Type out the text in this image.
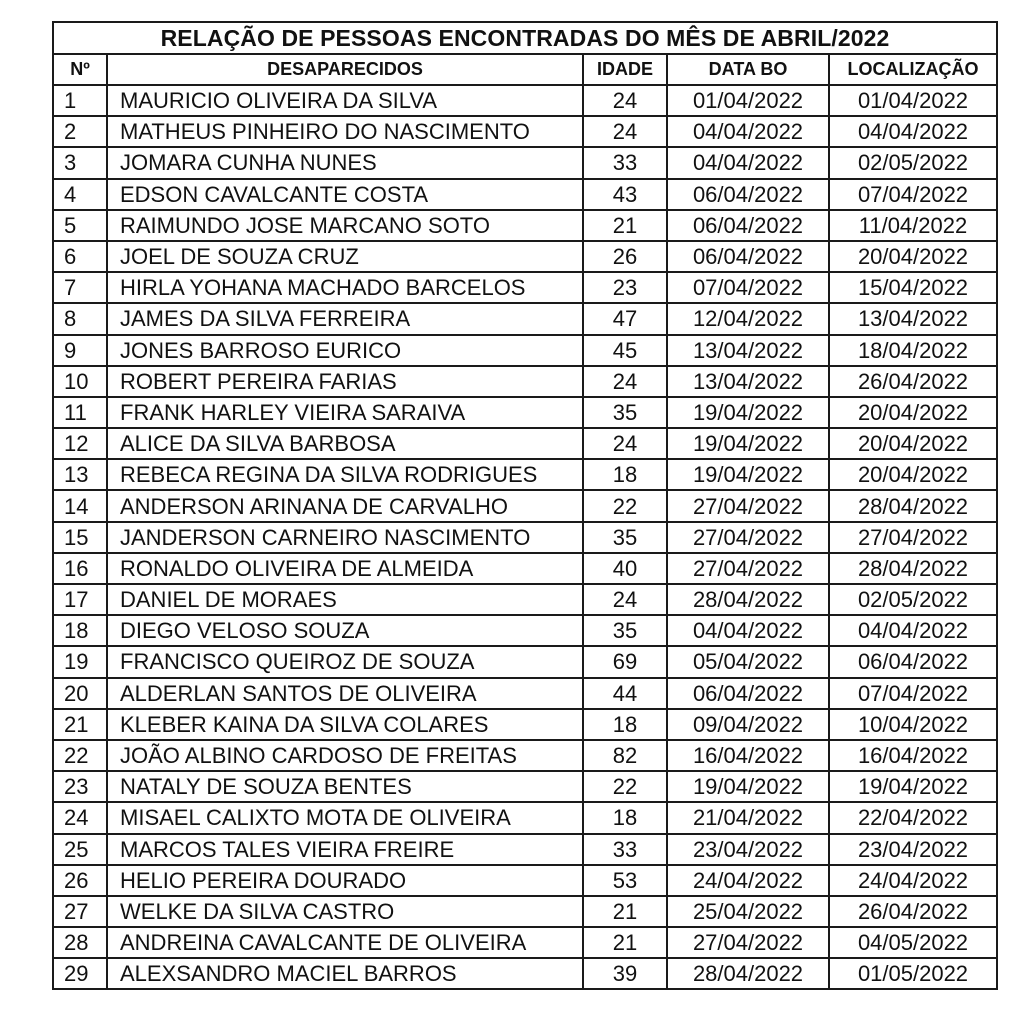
RELAÇÃO DE PESSOAS ENCONTRADAS DO MÊS DE ABRIL/2022				
Nº	DESAPARECIDOS	IDADE	DATA BO	LOCALIZAÇÃO
1	MAURICIO OLIVEIRA DA SILVA	24	01/04/2022	01/04/2022
2	MATHEUS PINHEIRO DO NASCIMENTO	24	04/04/2022	04/04/2022
3	JOMARA CUNHA NUNES	33	04/04/2022	02/05/2022
4	EDSON CAVALCANTE COSTA	43	06/04/2022	07/04/2022
5	RAIMUNDO JOSE MARCANO SOTO	21	06/04/2022	11/04/2022
6	JOEL DE SOUZA CRUZ	26	06/04/2022	20/04/2022
7	HIRLA YOHANA MACHADO BARCELOS	23	07/04/2022	15/04/2022
8	JAMES DA SILVA FERREIRA	47	12/04/2022	13/04/2022
9	JONES BARROSO EURICO	45	13/04/2022	18/04/2022
10	ROBERT PEREIRA FARIAS	24	13/04/2022	26/04/2022
11	FRANK HARLEY VIEIRA SARAIVA	35	19/04/2022	20/04/2022
12	ALICE DA SILVA BARBOSA	24	19/04/2022	20/04/2022
13	REBECA REGINA DA SILVA RODRIGUES	18	19/04/2022	20/04/2022
14	ANDERSON ARINANA DE CARVALHO	22	27/04/2022	28/04/2022
15	JANDERSON CARNEIRO NASCIMENTO	35	27/04/2022	27/04/2022
16	RONALDO OLIVEIRA DE ALMEIDA	40	27/04/2022	28/04/2022
17	DANIEL DE MORAES	24	28/04/2022	02/05/2022
18	DIEGO VELOSO SOUZA	35	04/04/2022	04/04/2022
19	FRANCISCO QUEIROZ DE SOUZA	69	05/04/2022	06/04/2022
20	ALDERLAN SANTOS DE OLIVEIRA	44	06/04/2022	07/04/2022
21	KLEBER KAINA DA SILVA COLARES	18	09/04/2022	10/04/2022
22	JOÃO ALBINO CARDOSO DE FREITAS	82	16/04/2022	16/04/2022
23	NATALY DE SOUZA BENTES	22	19/04/2022	19/04/2022
24	MISAEL CALIXTO MOTA DE OLIVEIRA	18	21/04/2022	22/04/2022
25	MARCOS TALES VIEIRA FREIRE	33	23/04/2022	23/04/2022
26	HELIO PEREIRA DOURADO	53	24/04/2022	24/04/2022
27	WELKE DA SILVA CASTRO	21	25/04/2022	26/04/2022
28	ANDREINA CAVALCANTE DE OLIVEIRA	21	27/04/2022	04/05/2022
29	ALEXSANDRO MACIEL BARROS	39	28/04/2022	01/05/2022
